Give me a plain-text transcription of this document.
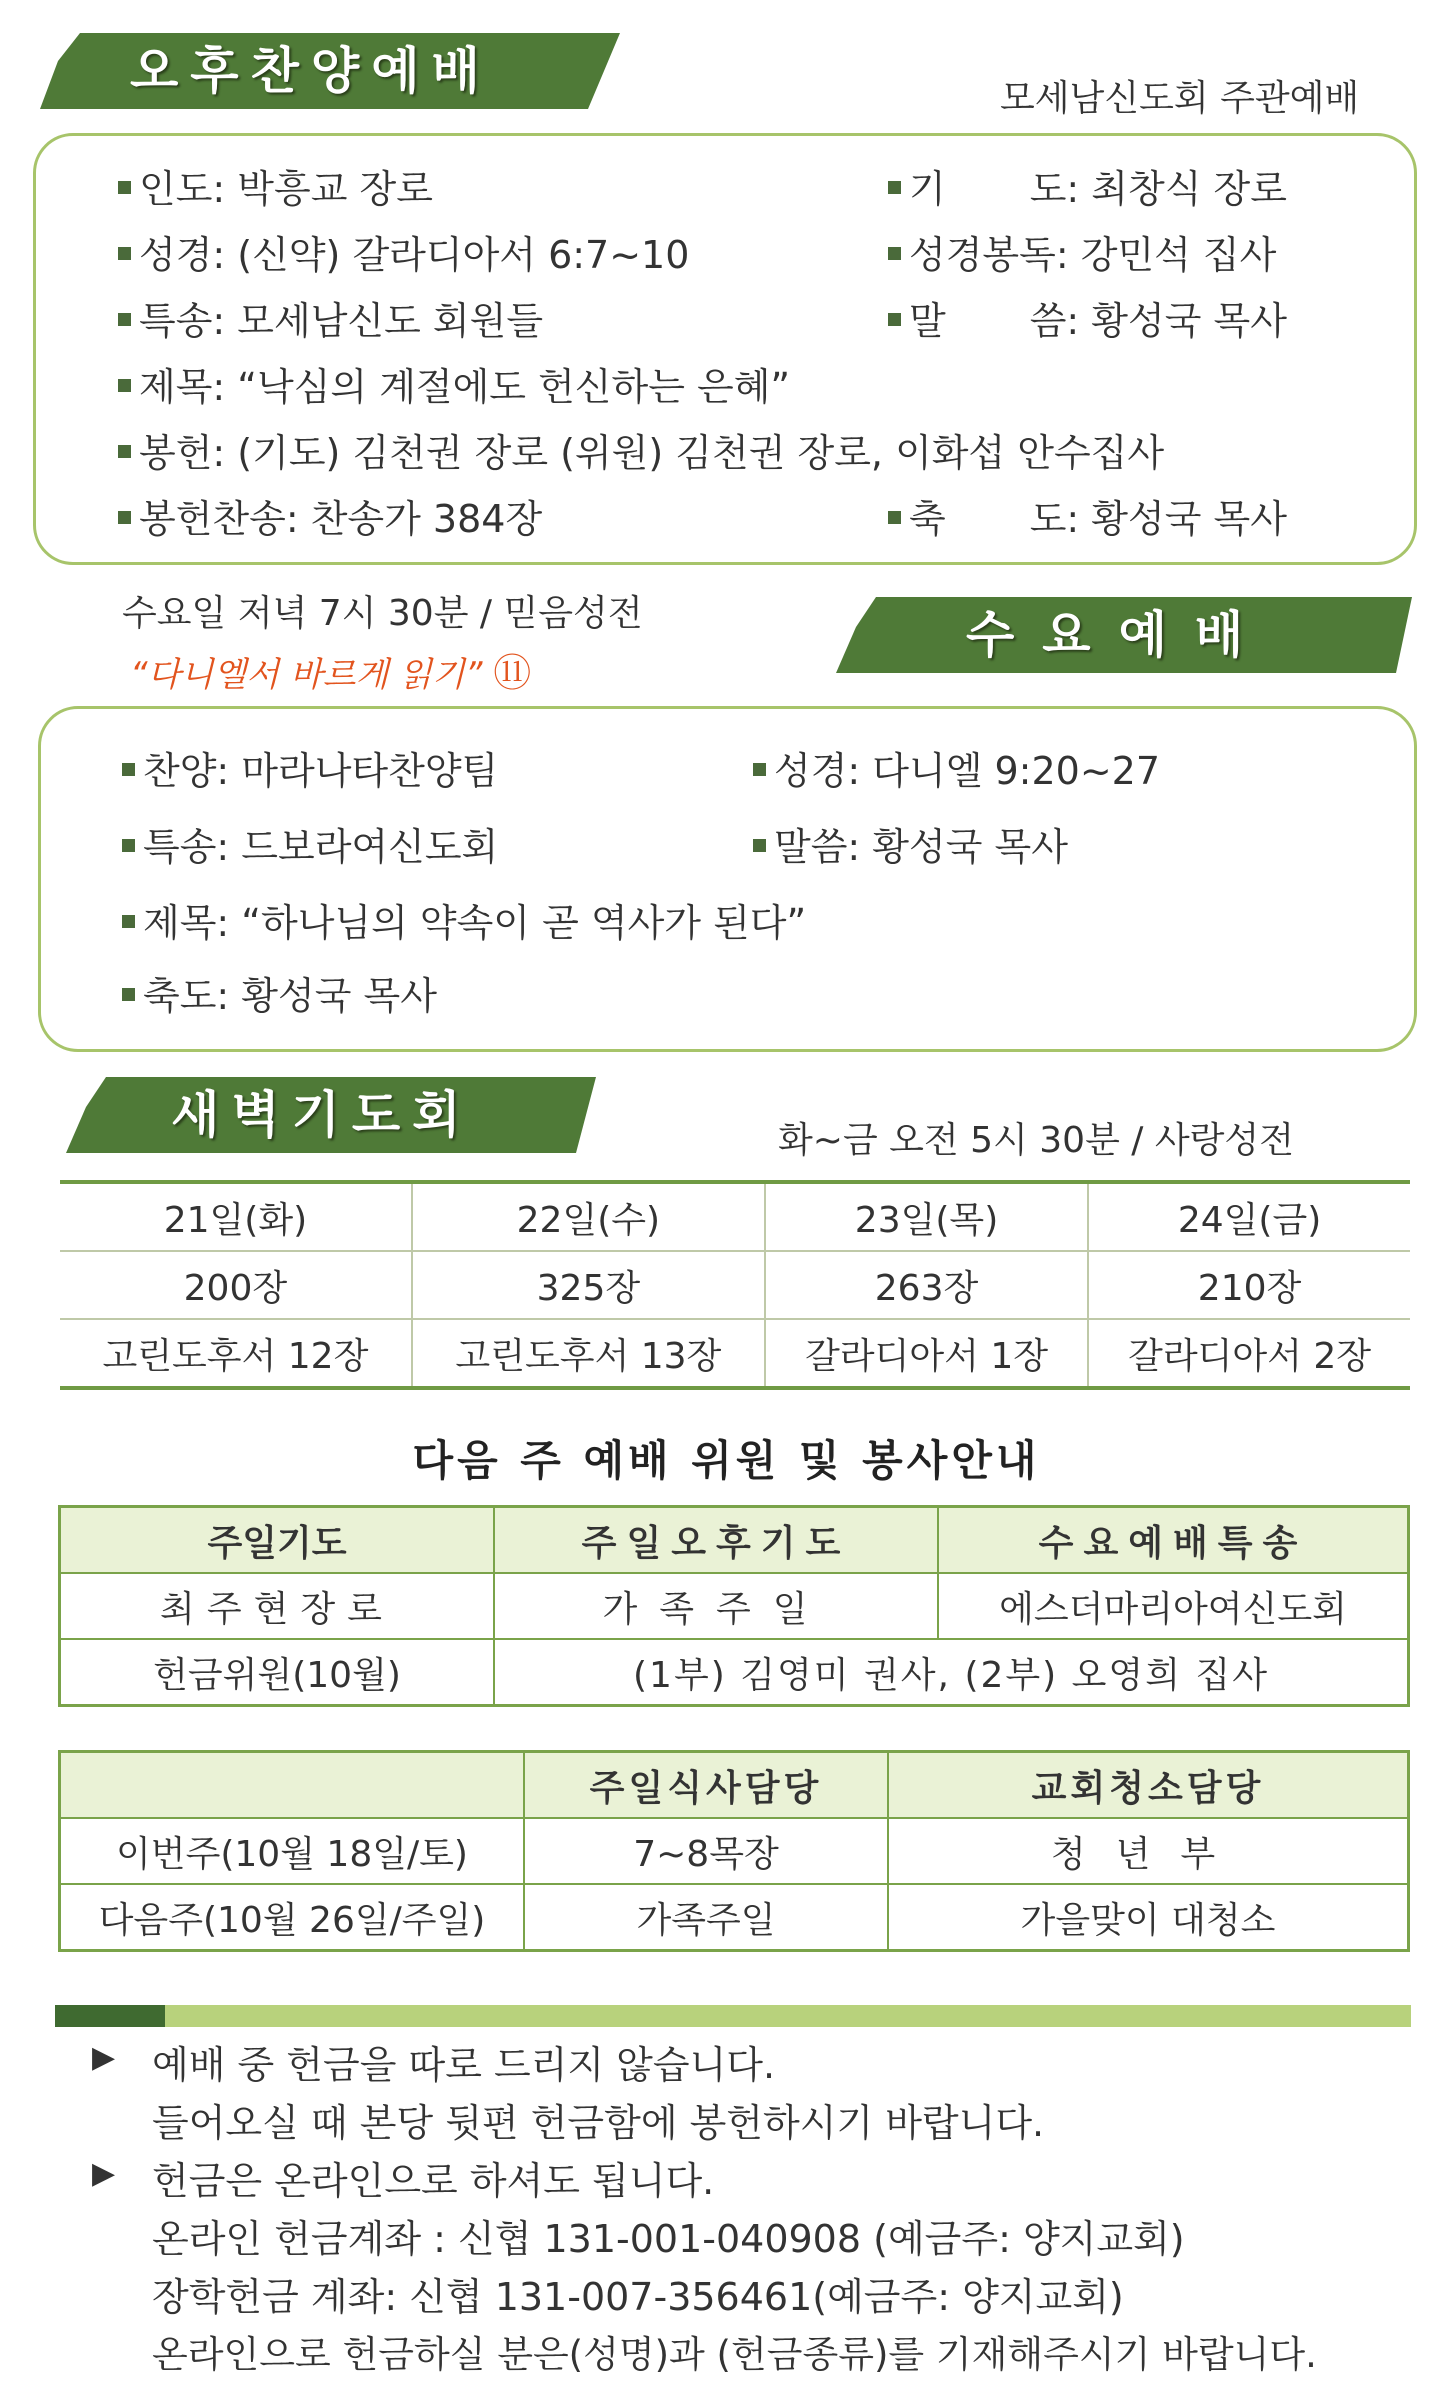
오후찬양예배	모세남신도회 주관예배
인도: 박흥교 장로	기 도: 최창식 장로
성경: (신약) 갈라디아서 6:7~10	성경봉독: 강민석 집사
특송: 모세남신도 회원들	말 씀: 황성국 목사
제목: “낙심의 계절에도 헌신하는 은혜”
봉헌: (기도) 김천권 장로 (위원) 김천권 장로, 이화섭 안수집사
봉헌찬송: 찬송가 384장	축 도: 황성국 목사
수요일 저녁 7시 30분 / 믿음성전
“다니엘서 바르게 읽기” ⑪
수요예배
찬양: 마라나타찬양팀	성경: 다니엘 9:20~27
특송: 드보라여신도회	말씀: 황성국 목사
제목: “하나님의 약속이 곧 역사가 된다”
축도: 황성국 목사
새벽기도회	화~금 오전 5시 30분 / 사랑성전
21일(화)	22일(수)	23일(목)	24일(금)
200장	325장	263장	210장
고린도후서 12장	고린도후서 13장	갈라디아서 1장	갈라디아서 2장
다음 주 예배 위원 및 봉사안내
주일기도	주일오후기도	수요예배특송
최주현장로	가족주일	에스더마리아여신도회
헌금위원(10월)	(1부) 김영미 권사, (2부) 오영희 집사	
	주일식사담당	교회청소담당
이번주(10월 18일/토)	7~8목장	청년부
다음주(10월 26일/주일)	가족주일	가을맞이 대청소
▶ 예배 중 헌금을 따로 드리지 않습니다.
들어오실 때 본당 뒷편 헌금함에 봉헌하시기 바랍니다.
▶ 헌금은 온라인으로 하셔도 됩니다.
온라인 헌금계좌 : 신협 131-001-040908 (예금주: 양지교회)
장학헌금 계좌: 신협 131-007-356461(예금주: 양지교회)
온라인으로 헌금하실 분은(성명)과 (헌금종류)를 기재해주시기 바랍니다.
